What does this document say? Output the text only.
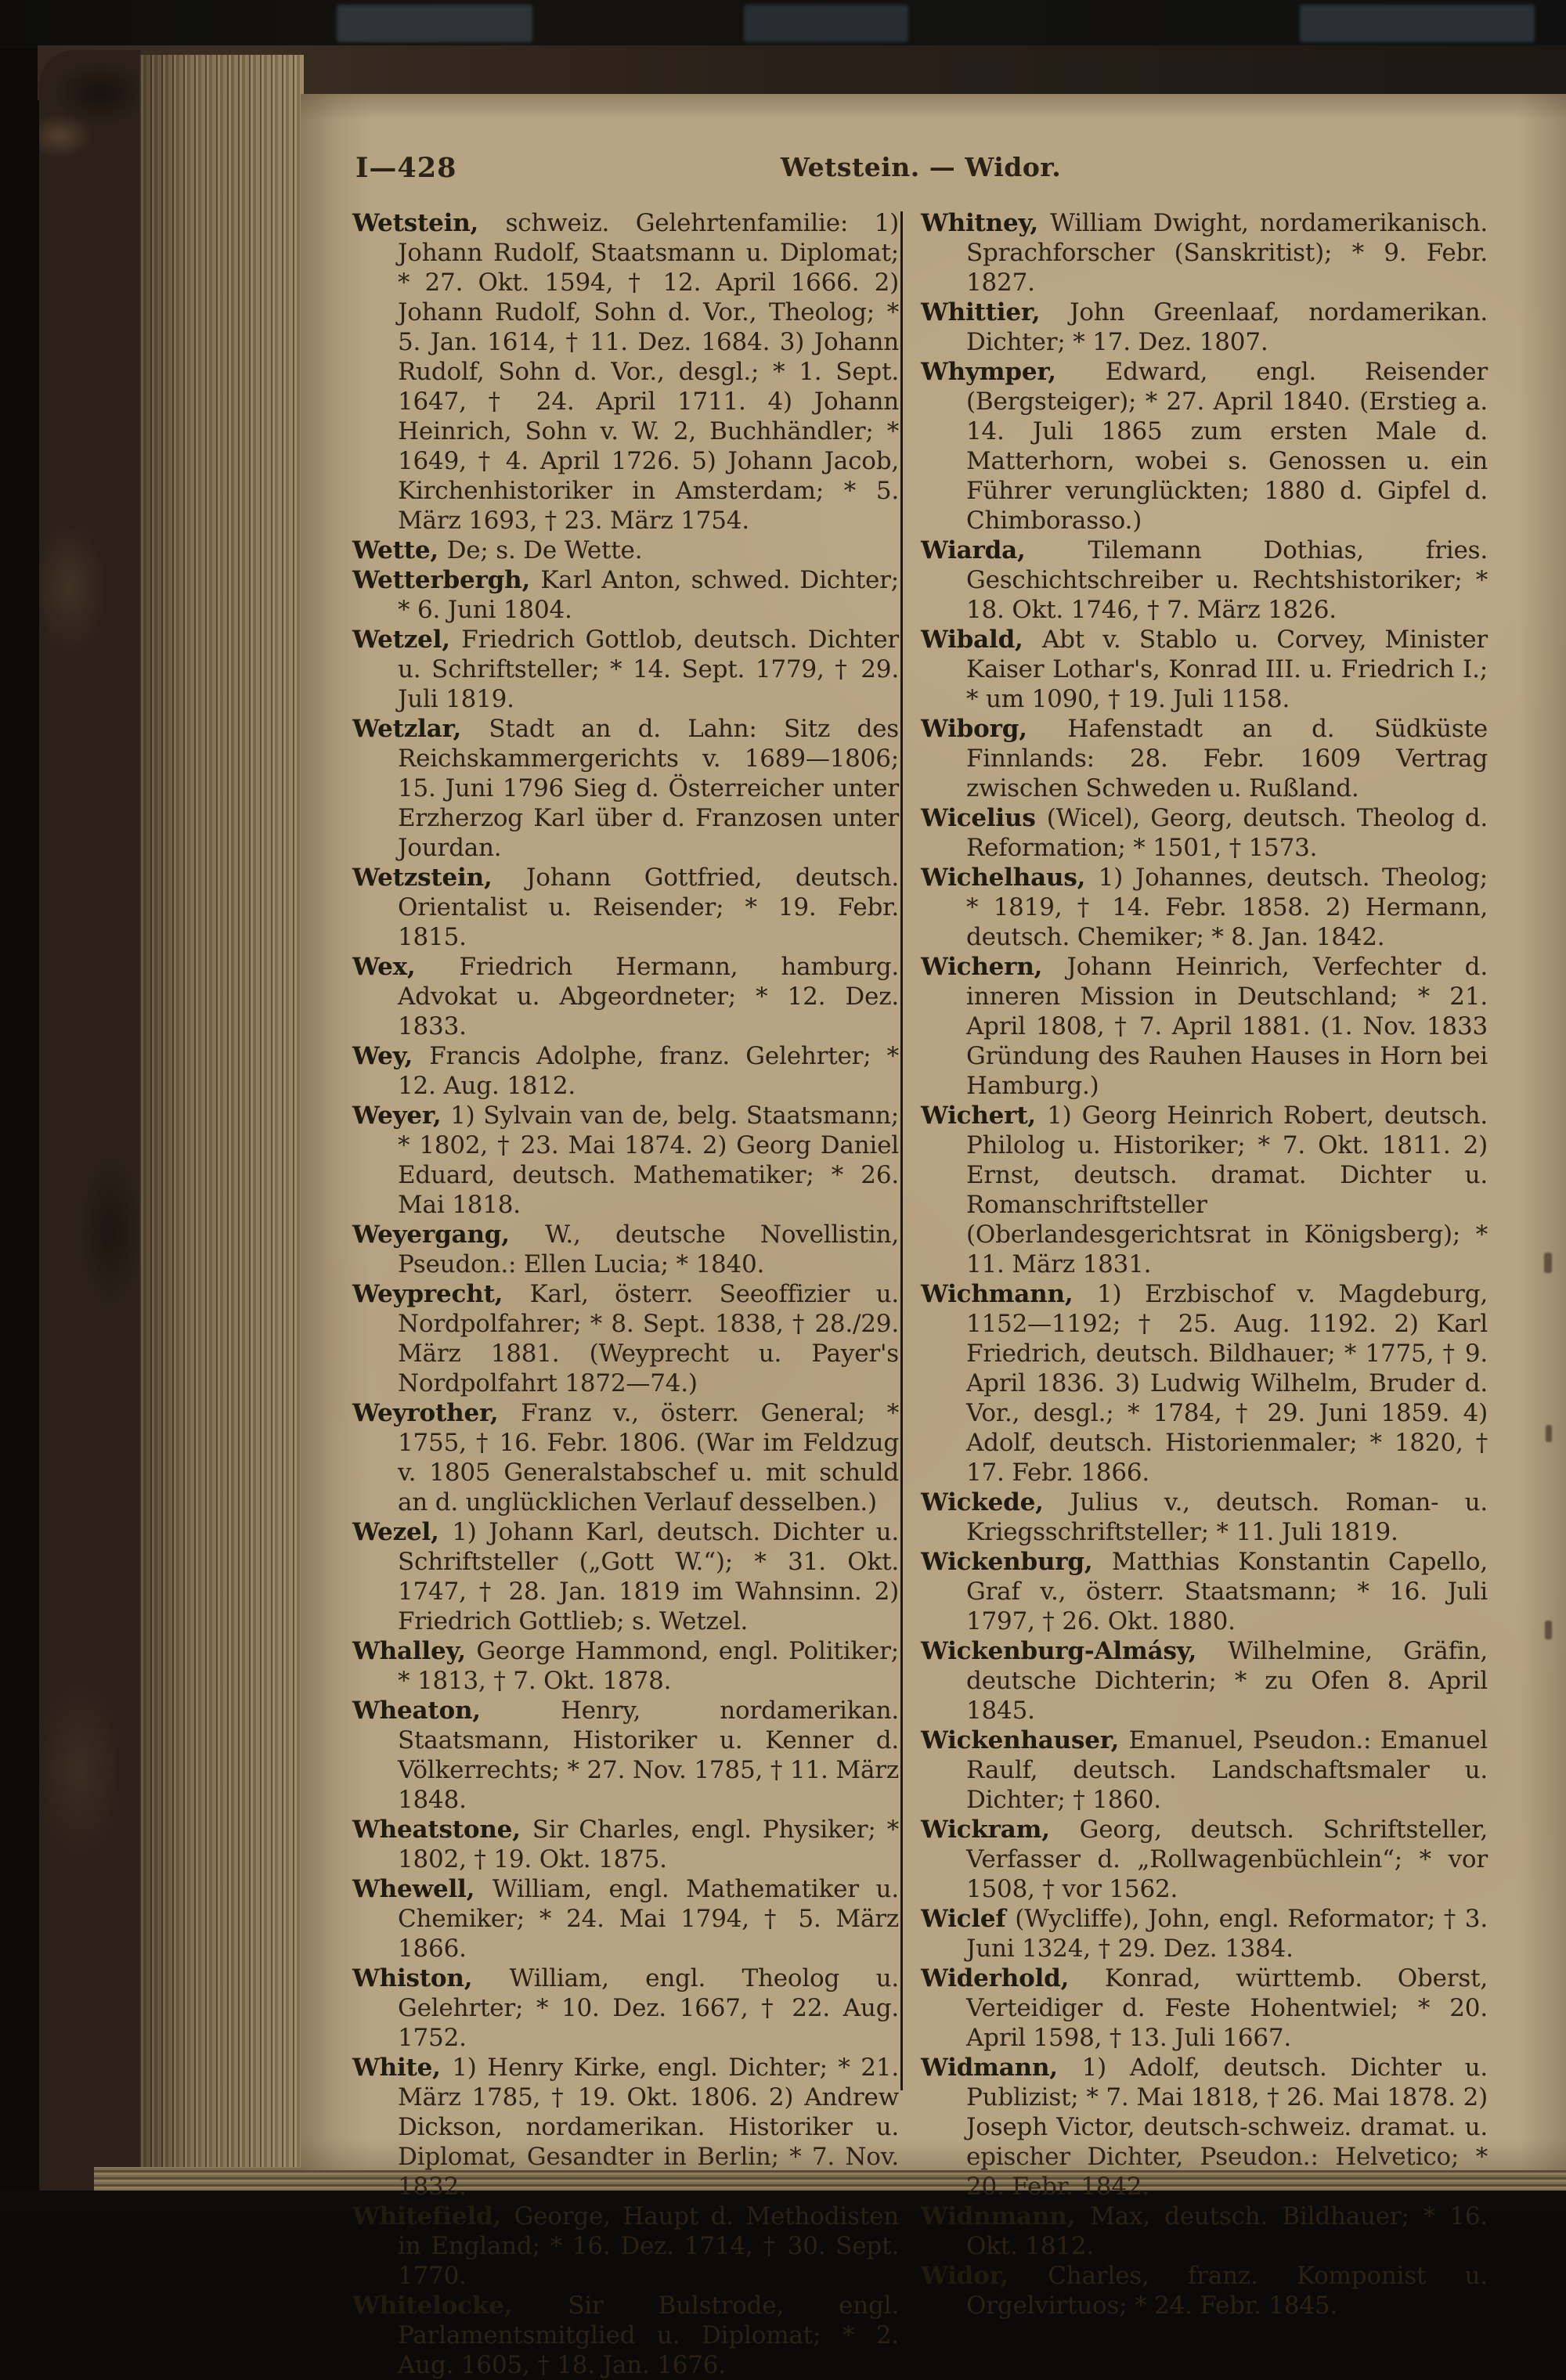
I—428	Wetstein. — Widor.

Wetstein, schweiz. Gelehrtenfamilie: 1) Johann Rudolf, Staatsmann u. Diplomat; * 27. Okt. 1594, † 12. April 1666. 2) Johann Rudolf, Sohn d. Vor., Theolog; * 5. Jan. 1614, † 11. Dez. 1684. 3) Johann Rudolf, Sohn d. Vor., desgl.; * 1. Sept. 1647, † 24. April 1711. 4) Johann Heinrich, Sohn v. W. 2, Buchhändler; * 1649, † 4. April 1726. 5) Johann Jacob, Kirchenhistoriker in Amsterdam; * 5. März 1693, † 23. März 1754.

Wette, De; s. De Wette.

Wetterbergh, Karl Anton, schwed. Dichter; * 6. Juni 1804.

Wetzel, Friedrich Gottlob, deutsch. Dichter u. Schriftsteller; * 14. Sept. 1779, † 29. Juli 1819.

Wetzlar, Stadt an d. Lahn: Sitz des Reichskammergerichts v. 1689—1806; 15. Juni 1796 Sieg d. Österreicher unter Erzherzog Karl über d. Franzosen unter Jourdan.

Wetzstein, Johann Gottfried, deutsch. Orientalist u. Reisender; * 19. Febr. 1815.

Wex, Friedrich Hermann, hamburg. Advokat u. Abgeordneter; * 12. Dez. 1833.

Wey, Francis Adolphe, franz. Gelehrter; * 12. Aug. 1812.

Weyer, 1) Sylvain van de, belg. Staatsmann; * 1802, † 23. Mai 1874. 2) Georg Daniel Eduard, deutsch. Mathematiker; * 26. Mai 1818.

Weyergang, W., deutsche Novellistin, Pseudon.: Ellen Lucia; * 1840.

Weyprecht, Karl, österr. Seeoffizier u. Nordpolfahrer; * 8. Sept. 1838, † 28./29. März 1881. (Weyprecht u. Payer's Nordpolfahrt 1872—74.)

Weyrother, Franz v., österr. General; * 1755, † 16. Febr. 1806. (War im Feldzug v. 1805 Generalstabschef u. mit schuld an d. unglücklichen Verlauf desselben.)

Wezel, 1) Johann Karl, deutsch. Dichter u. Schriftsteller („Gott W.“); * 31. Okt. 1747, † 28. Jan. 1819 im Wahnsinn. 2) Friedrich Gottlieb; s. Wetzel.

Whalley, George Hammond, engl. Politiker; * 1813, † 7. Okt. 1878.

Wheaton, Henry, nordamerikan. Staatsmann, Historiker u. Kenner d. Völkerrechts; * 27. Nov. 1785, † 11. März 1848.

Wheatstone, Sir Charles, engl. Physiker; * 1802, † 19. Okt. 1875.

Whewell, William, engl. Mathematiker u. Chemiker; * 24. Mai 1794, † 5. März 1866.

Whiston, William, engl. Theolog u. Gelehrter; * 10. Dez. 1667, † 22. Aug. 1752.

White, 1) Henry Kirke, engl. Dichter; * 21. März 1785, † 19. Okt. 1806. 2) Andrew Dickson, nordamerikan. Historiker u. Diplomat, Gesandter in Berlin; * 7. Nov. 1832.

Whitefield, George, Haupt d. Methodisten in England; * 16. Dez. 1714, † 30. Sept. 1770.

Whitelocke, Sir Bulstrode, engl. Parlamentsmitglied u. Diplomat; * 2. Aug. 1605, † 18. Jan. 1676.

Whitney, William Dwight, nordamerikanisch. Sprachforscher (Sanskritist); * 9. Febr. 1827.

Whittier, John Greenlaaf, nordamerikan. Dichter; * 17. Dez. 1807.

Whymper, Edward, engl. Reisender (Bergsteiger); * 27. April 1840. (Erstieg a. 14. Juli 1865 zum ersten Male d. Matterhorn, wobei s. Genossen u. ein Führer verunglückten; 1880 d. Gipfel d. Chimborasso.)

Wiarda, Tilemann Dothias, fries. Geschichtschreiber u. Rechtshistoriker; * 18. Okt. 1746, † 7. März 1826.

Wibald, Abt v. Stablo u. Corvey, Minister Kaiser Lothar's, Konrad III. u. Friedrich I.; * um 1090, † 19. Juli 1158.

Wiborg, Hafenstadt an d. Südküste Finnlands: 28. Febr. 1609 Vertrag zwischen Schweden u. Rußland.

Wicelius (Wicel), Georg, deutsch. Theolog d. Reformation; * 1501, † 1573.

Wichelhaus, 1) Johannes, deutsch. Theolog; * 1819, † 14. Febr. 1858. 2) Hermann, deutsch. Chemiker; * 8. Jan. 1842.

Wichern, Johann Heinrich, Verfechter d. inneren Mission in Deutschland; * 21. April 1808, † 7. April 1881. (1. Nov. 1833 Gründung des Rauhen Hauses in Horn bei Hamburg.)

Wichert, 1) Georg Heinrich Robert, deutsch. Philolog u. Historiker; * 7. Okt. 1811. 2) Ernst, deutsch. dramat. Dichter u. Romanschriftsteller (Oberlandesgerichtsrat in Königsberg); * 11. März 1831.

Wichmann, 1) Erzbischof v. Magdeburg, 1152—1192; † 25. Aug. 1192. 2) Karl Friedrich, deutsch. Bildhauer; * 1775, † 9. April 1836. 3) Ludwig Wilhelm, Bruder d. Vor., desgl.; * 1784, † 29. Juni 1859. 4) Adolf, deutsch. Historienmaler; * 1820, † 17. Febr. 1866.

Wickede, Julius v., deutsch. Roman- u. Kriegsschriftsteller; * 11. Juli 1819.

Wickenburg, Matthias Konstantin Capello, Graf v., österr. Staatsmann; * 16. Juli 1797, † 26. Okt. 1880.

Wickenburg-Almásy, Wilhelmine, Gräfin, deutsche Dichterin; * zu Ofen 8. April 1845.

Wickenhauser, Emanuel, Pseudon.: Emanuel Raulf, deutsch. Landschaftsmaler u. Dichter; † 1860.

Wickram, Georg, deutsch. Schriftsteller, Verfasser d. „Rollwagenbüchlein“; * vor 1508, † vor 1562.

Wiclef (Wycliffe), John, engl. Reformator; † 3. Juni 1324, † 29. Dez. 1384.

Widerhold, Konrad, württemb. Oberst, Verteidiger d. Feste Hohentwiel; * 20. April 1598, † 13. Juli 1667.

Widmann, 1) Adolf, deutsch. Dichter u. Publizist; * 7. Mai 1818, † 26. Mai 1878. 2) Joseph Victor, deutsch-schweiz. dramat. u. epischer Dichter, Pseudon.: Helvetico; * 20. Febr. 1842.

Widnmann, Max, deutsch. Bildhauer; * 16. Okt. 1812.

Widor, Charles, franz. Komponist u. Orgelvirtuos; * 24. Febr. 1845.
